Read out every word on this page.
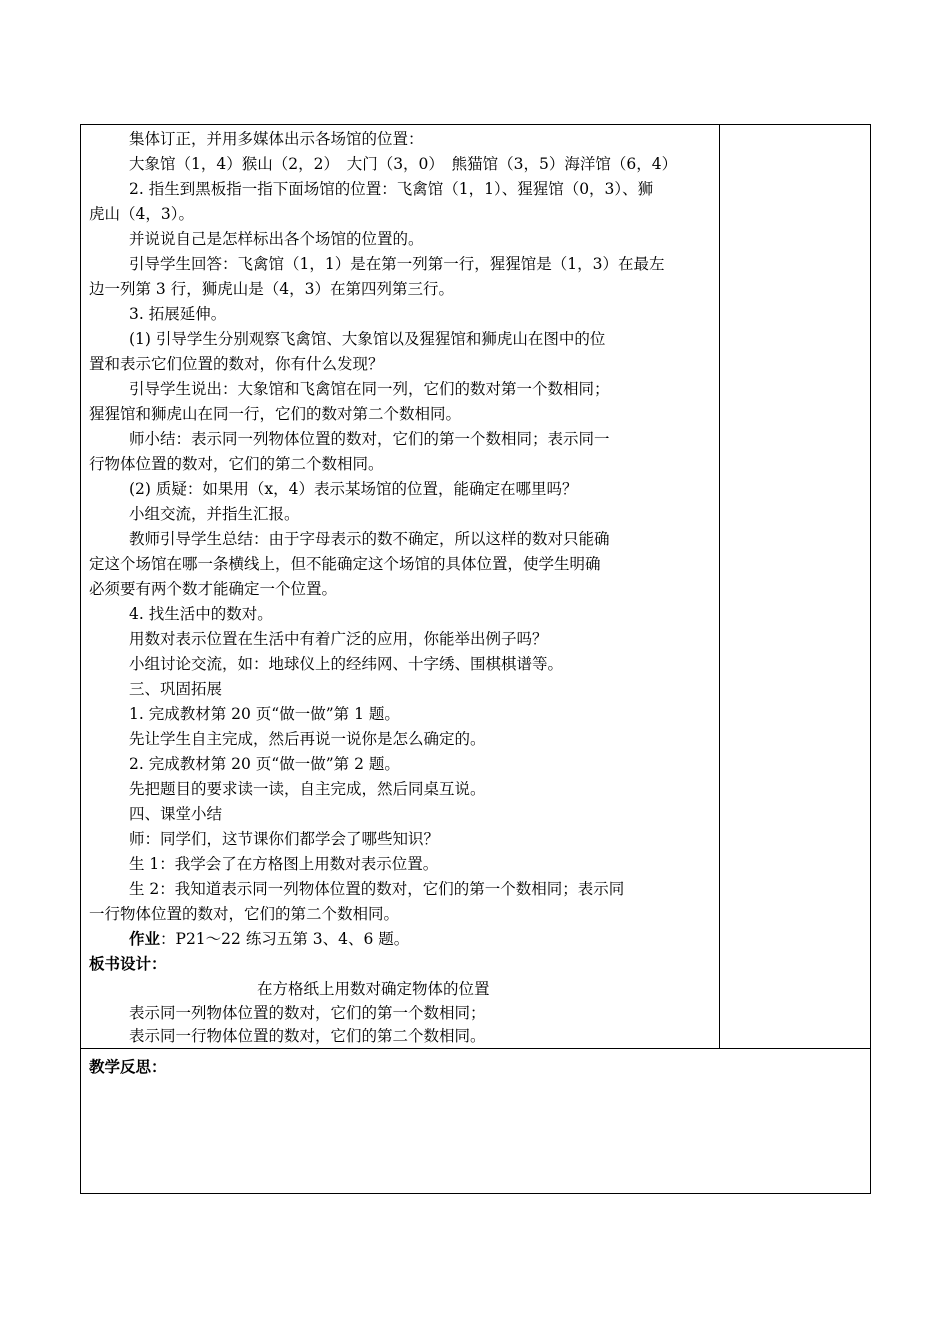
集体订正，并用多媒体出示各场馆的位置：
大象馆（1，4）猴山（2，2）　大门（3，0）　熊猫馆（3，5）海洋馆（6，4）
2. 指生到黑板指一指下面场馆的位置：飞禽馆（1，1）、猩猩馆（0，3）、狮
虎山（4，3）。
并说说自己是怎样标出各个场馆的位置的。
引导学生回答：飞禽馆（1，1）是在第一列第一行，猩猩馆是（1，3）在最左
边一列第 3 行，狮虎山是（4，3）在第四列第三行。
3. 拓展延伸。
(1) 引导学生分别观察飞禽馆、大象馆以及猩猩馆和狮虎山在图中的位
置和表示它们位置的数对，你有什么发现？
引导学生说出：大象馆和飞禽馆在同一列，它们的数对第一个数相同；
猩猩馆和狮虎山在同一行，它们的数对第二个数相同。
师小结：表示同一列物体位置的数对，它们的第一个数相同；表示同一
行物体位置的数对，它们的第二个数相同。
(2) 质疑：如果用（x，4）表示某场馆的位置，能确定在哪里吗？
小组交流，并指生汇报。
教师引导学生总结：由于字母表示的数不确定，所以这样的数对只能确
定这个场馆在哪一条横线上，但不能确定这个场馆的具体位置，使学生明确
必须要有两个数才能确定一个位置。
4. 找生活中的数对。
用数对表示位置在生活中有着广泛的应用，你能举出例子吗？
小组讨论交流，如：地球仪上的经纬网、十字绣、围棋棋谱等。
三、巩固拓展
1. 完成教材第 20 页“做一做”第 1 题。
先让学生自主完成，然后再说一说你是怎么确定的。
2. 完成教材第 20 页“做一做”第 2 题。
先把题目的要求读一读，自主完成，然后同桌互说。
四、课堂小结
师：同学们，这节课你们都学会了哪些知识？
生 1：我学会了在方格图上用数对表示位置。
生 2：我知道表示同一列物体位置的数对，它们的第一个数相同；表示同
一行物体位置的数对，它们的第二个数相同。
作业：P21～22 练习五第 3、4、6 题。
板书设计：
在方格纸上用数对确定物体的位置
表示同一列物体位置的数对，它们的第一个数相同；
表示同一行物体位置的数对，它们的第二个数相同。
教学反思：
